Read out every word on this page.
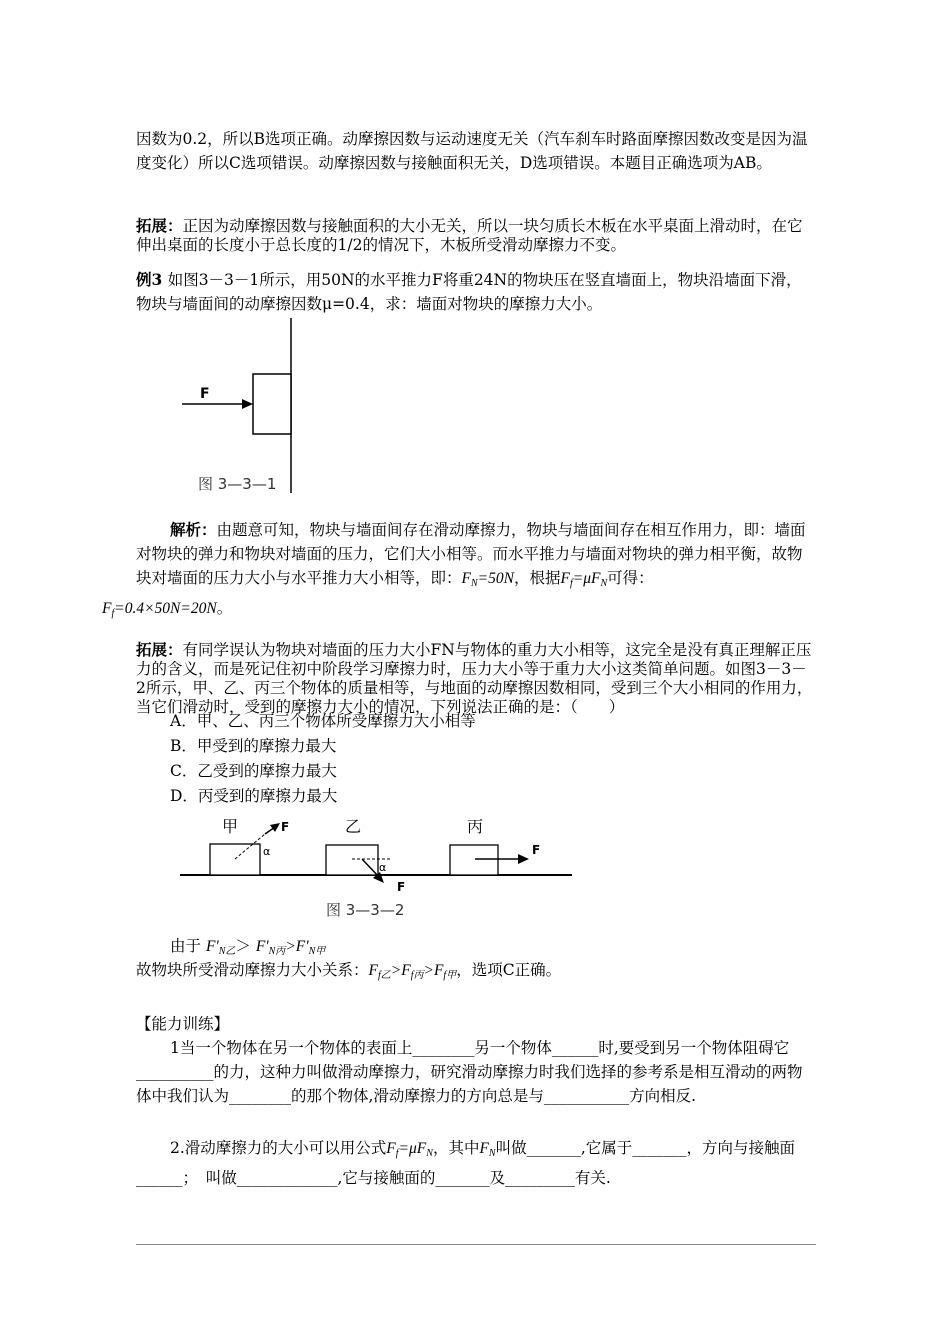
因数为0.2，所以B选项正确。动摩擦因数与运动速度无关（汽车刹车时路面摩擦因数改变是因为温度变化）所以C选项错误。动摩擦因数与接触面积无关，D选项错误。本题目正确选项为AB。

拓展：正因为动摩擦因数与接触面积的大小无关，所以一块匀质长木板在水平桌面上滑动时，在它伸出桌面的长度小于总长度的1/2的情况下，木板所受滑动摩擦力不变。

例3 如图3－3－1所示，用50N的水平推力F将重24N的物块压在竖直墙面上，物块沿墙面下滑，物块与墙面间的动摩擦因数μ=0.4，求：墙面对物块的摩擦力大小。

F
图 3—3—1

解析：由题意可知，物块与墙面间存在滑动摩擦力，物块与墙面间存在相互作用力，即：墙面对物块的弹力和物块对墙面的压力，它们大小相等。而水平推力与墙面对物块的弹力相平衡，故物块对墙面的压力大小与水平推力大小相等，即：$F_N=50N$，根据$F_f=\mu F_N$可得：
$F_f=0.4\times 50N=20N$。

拓展：有同学误认为物块对墙面的压力大小FN与物体的重力大小相等，这完全是没有真正理解正压力的含义，而是死记住初中阶段学习摩擦力时，压力大小等于重力大小这类简单问题。如图3－3－2所示，甲、乙、丙三个物体的质量相等，与地面的动摩擦因数相同，受到三个大小相同的作用力，当它们滑动时，受到的摩擦力大小的情况，下列说法正确的是：（　　）

A．甲、乙、丙三个物体所受摩擦力大小相等
B．甲受到的摩擦力最大
C．乙受到的摩擦力最大
D．丙受到的摩擦力最大
甲	F
α
乙
F
α
丙
F
图 3—3—2

由于 $F'_{N乙}> F'_{N丙}>F'_{N甲}$

故物块所受滑动摩擦力大小关系：$F_{f乙}>F_{f丙}>F_{f甲}$，选项C正确。

【能力训练】

1当一个物体在另一个物体的表面上________另一个物体______时,要受到另一个物体阻碍它__________的力，这种力叫做滑动摩擦力，研究滑动摩擦力时我们选择的参考系是相互滑动的两物体中我们认为________的那个物体,滑动摩擦力的方向总是与___________方向相反.

2.滑动摩擦力的大小可以用公式$F_f=\mu F_N$，其中$F_N$叫做_______,它属于_______，方向与接触面______；　叫做_____________,它与接触面的_______及_________有关.
